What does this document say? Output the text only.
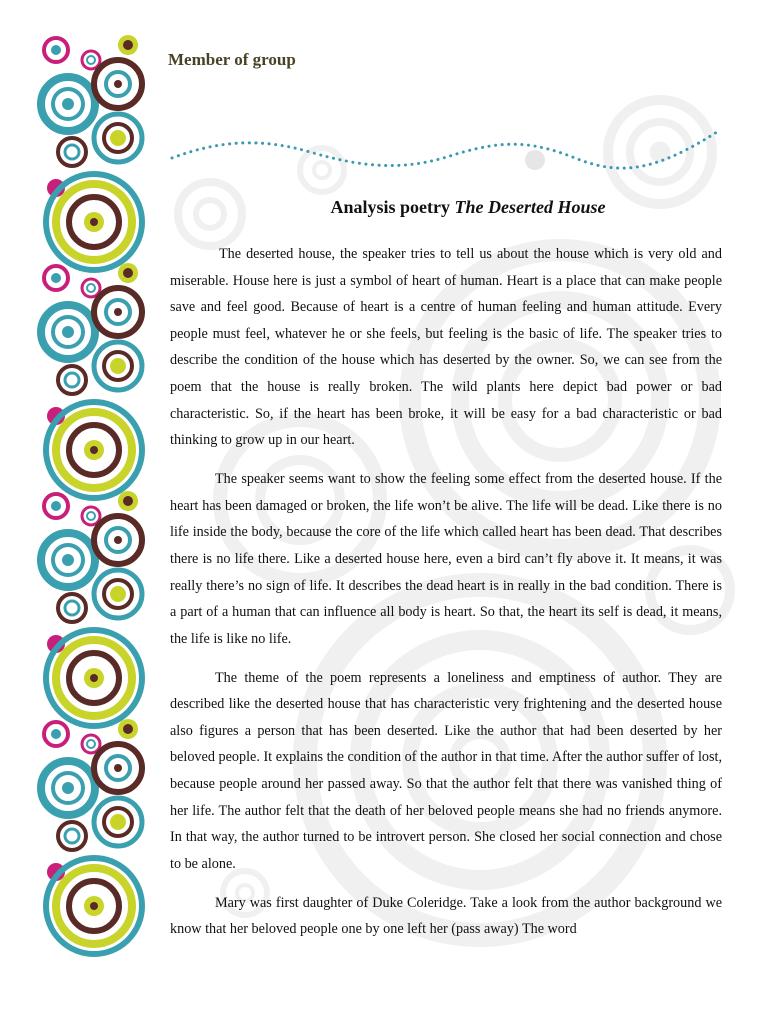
Member of group
Analysis poetry The Deserted House

The deserted house, the speaker tries to tell us about the house which is very old and miserable. House here is just a symbol of heart of human. Heart is a place that can make people save and feel good. Because of heart is a centre of human feeling and human attitude. Every people must feel, whatever he or she feels, but feeling is the basic of life. The speaker tries to describe the condition of the house which has deserted by the owner. So, we can see from the poem that the house is really broken. The wild plants here depict bad power or bad characteristic. So, if the heart has been broke, it will be easy for a bad characteristic or bad thinking to grow up in our heart.

The speaker seems want to show the feeling some effect from the deserted house. If the heart has been damaged or broken, the life won’t be alive. The life will be dead. Like there is no life inside the body, because the core of the life which called heart has been dead. That describes there is no life there. Like a deserted house here, even a bird can’t fly above it. It means, it was really there’s no sign of life. It describes the dead heart is in really in the bad condition. There is a part of a human that can influence all body is heart. So that, the heart its self is dead, it means, the life is like no life.

The theme of the poem represents a loneliness and emptiness of author. They are described like the deserted house that has characteristic very frightening and the deserted house also figures a person that has been deserted. Like the author that had been deserted by her beloved people. It explains the condition of the author in that time. After the author suffer of lost, because people around her passed away. So that the author felt that there was vanished thing of her life. The author felt that the death of her beloved people means she had no friends anymore. In that way, the author turned to be introvert person. She closed her social connection and chose to be alone.

Mary was first daughter of Duke Coleridge. Take a look from the author background we know that her beloved people one by one left her (pass away) The word
